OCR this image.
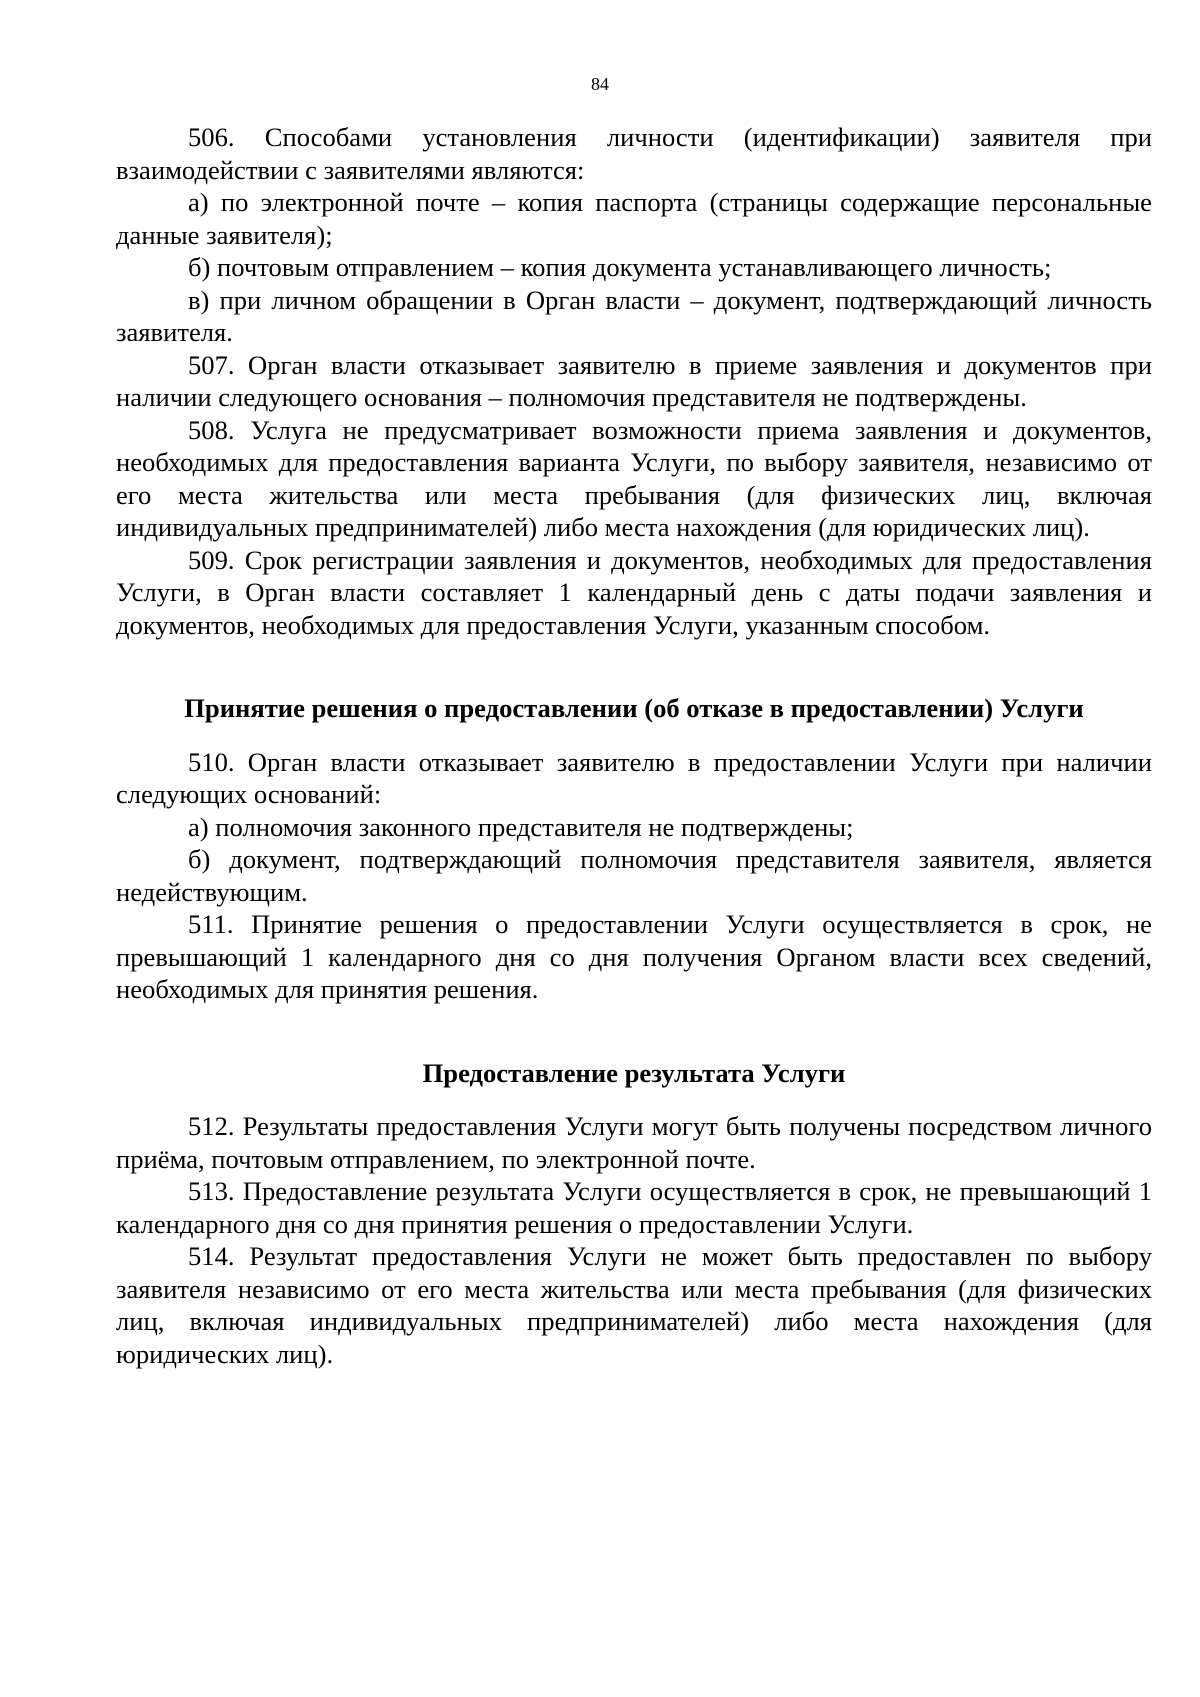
84

506. Способами установления личности (идентификации) заявителя при взаимодействии с заявителями являются:

а) по электронной почте – копия паспорта (страницы содержащие персональные данные заявителя);

б) почтовым отправлением – копия документа устанавливающего личность;

в) при личном обращении в Орган власти – документ, подтверждающий личность заявителя.

507. Орган власти отказывает заявителю в приеме заявления и документов при наличии следующего основания – полномочия представителя не подтверждены.

508. Услуга не предусматривает возможности приема заявления и документов, необходимых для предоставления варианта Услуги, по выбору заявителя, независимо от его места жительства или места пребывания (для физических лиц, включая индивидуальных предпринимателей) либо места нахождения (для юридических лиц).

509. Срок регистрации заявления и документов, необходимых для предоставления Услуги, в Орган власти составляет 1 календарный день с даты подачи заявления и документов, необходимых для предоставления Услуги, указанным способом.

Принятие решения о предоставлении (об отказе в предоставлении) Услуги

510. Орган власти отказывает заявителю в предоставлении Услуги при наличии следующих оснований:

а) полномочия законного представителя не подтверждены;

б) документ, подтверждающий полномочия представителя заявителя, является недействующим.

511. Принятие решения о предоставлении Услуги осуществляется в срок, не превышающий 1 календарного дня со дня получения Органом власти всех сведений, необходимых для принятия решения.

Предоставление результата Услуги

512. Результаты предоставления Услуги могут быть получены посредством личного приёма, почтовым отправлением, по электронной почте.

513. Предоставление результата Услуги осуществляется в срок, не превышающий 1 календарного дня со дня принятия решения о предоставлении Услуги.

514. Результат предоставления Услуги не может быть предоставлен по выбору заявителя независимо от его места жительства или места пребывания (для физических лиц, включая индивидуальных предпринимателей) либо места нахождения (для юридических лиц).
